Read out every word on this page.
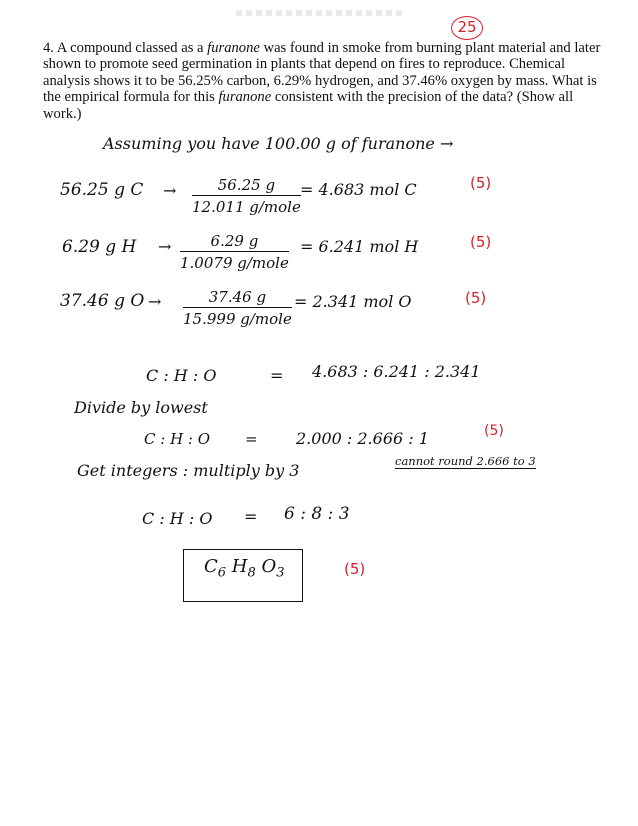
25
4. A compound classed as a furanone was found in smoke from burning plant material and later shown to promote seed germination in plants that depend on fires to reproduce. Chemical analysis shows it to be 56.25% carbon, 6.29% hydrogen, and 37.46% oxygen by mass. What is the empirical formula for this furanone consistent with the precision of the data? (Show all work.)
Assuming you have 100.00 g of furanone →
56.25 g C →	56.25 g
12.011 g/mole
= 4.683 mol C	(5)
6.29 g H →	6.29 g
1.0079 g/mole
= 6.241 mol H	(5)
37.46 g O →	37.46 g
15.999 g/mole
= 2.341 mol O	(5)
C : H : O	= 4.683 : 6.241 : 2.341
Divide by lowest
C : H : O = 2.000 : 2.666 : 1	(5)
Get integers : multiply by 3	cannot round 2.666 to 3
C : H : O = 6 : 8 : 3
$C_6$ $H_8$ $O_3$	(5)
